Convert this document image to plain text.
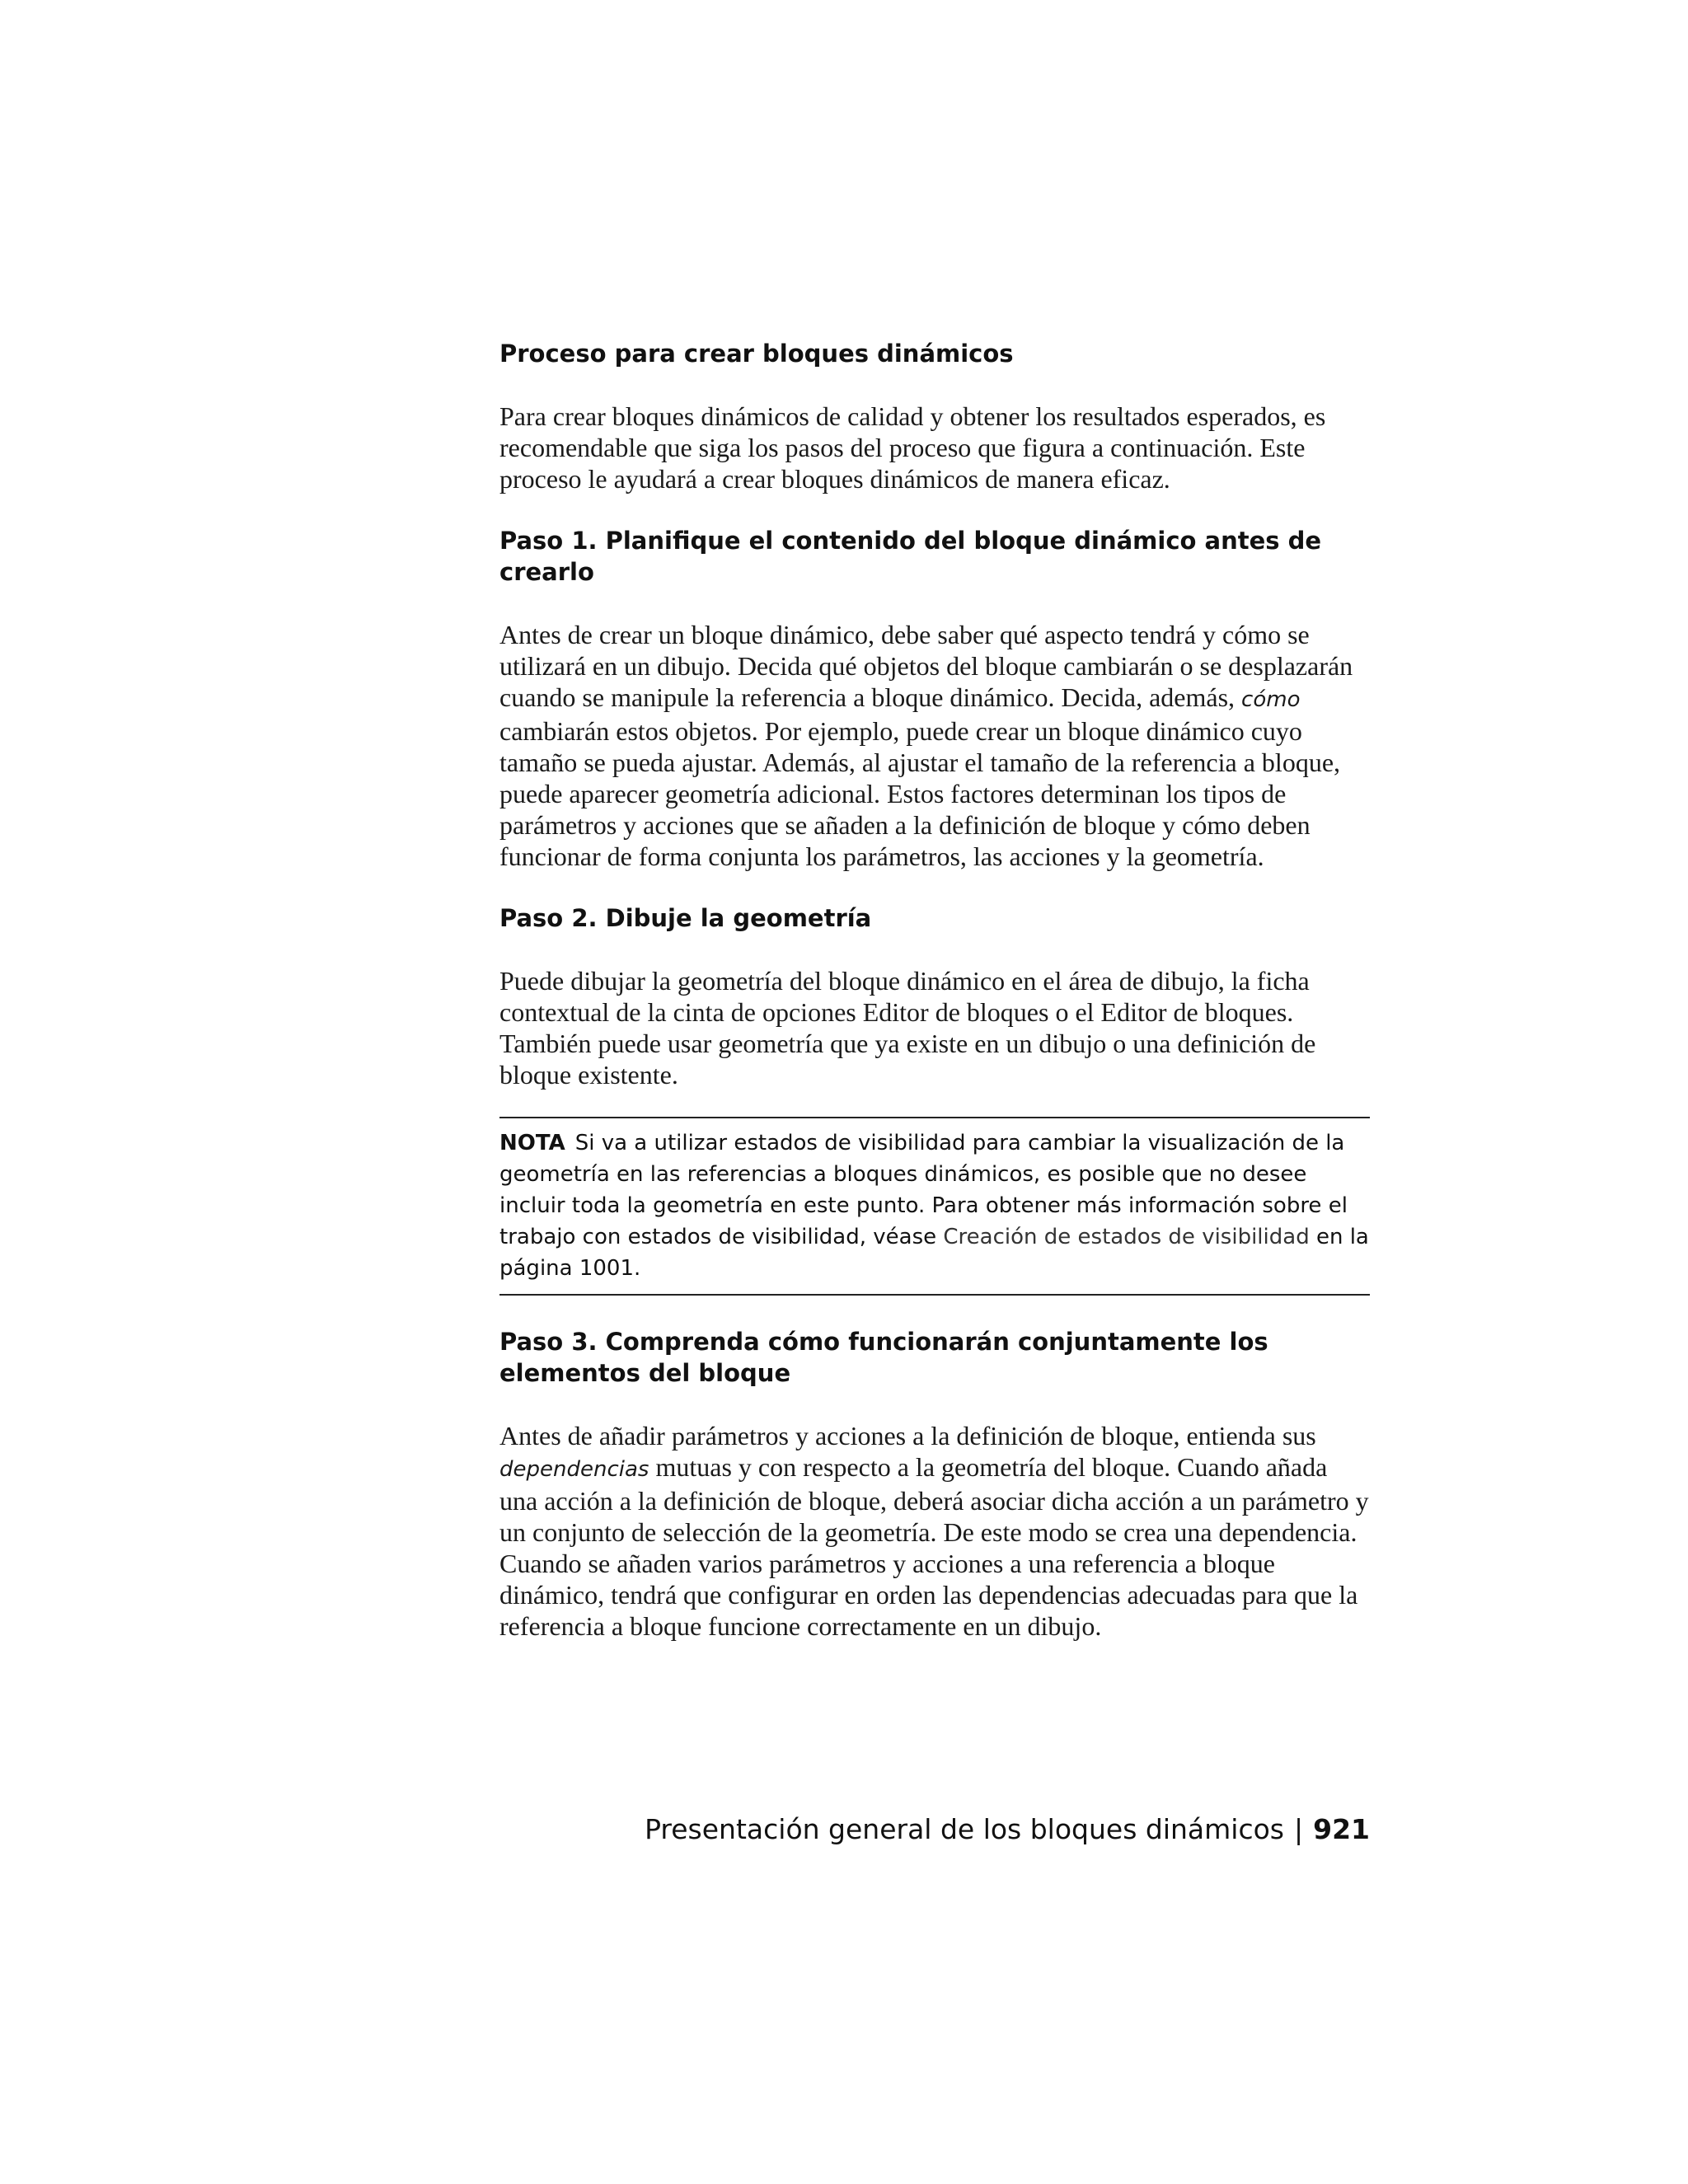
Proceso para crear bloques dinámicos

Para crear bloques dinámicos de calidad y obtener los resultados esperados, es recomendable que siga los pasos del proceso que figura a continuación. Este proceso le ayudará a crear bloques dinámicos de manera eficaz.

Paso 1. Planifique el contenido del bloque dinámico antes de crearlo

Antes de crear un bloque dinámico, debe saber qué aspecto tendrá y cómo se utilizará en un dibujo. Decida qué objetos del bloque cambiarán o se desplazarán cuando se manipule la referencia a bloque dinámico. Decida, además, cómo cambiarán estos objetos. Por ejemplo, puede crear un bloque dinámico cuyo tamaño se pueda ajustar. Además, al ajustar el tamaño de la referencia a bloque, puede aparecer geometría adicional. Estos factores determinan los tipos de parámetros y acciones que se añaden a la definición de bloque y cómo deben funcionar de forma conjunta los parámetros, las acciones y la geometría.

Paso 2. Dibuje la geometría

Puede dibujar la geometría del bloque dinámico en el área de dibujo, la ficha contextual de la cinta de opciones Editor de bloques o el Editor de bloques. También puede usar geometría que ya existe en un dibujo o una definición de bloque existente.

NOTA Si va a utilizar estados de visibilidad para cambiar la visualización de la geometría en las referencias a bloques dinámicos, es posible que no desee incluir toda la geometría en este punto. Para obtener más información sobre el trabajo con estados de visibilidad, véase Creación de estados de visibilidad en la página 1001.
Paso 3. Comprenda cómo funcionarán conjuntamente los elementos del bloque

Antes de añadir parámetros y acciones a la definición de bloque, entienda sus dependencias mutuas y con respecto a la geometría del bloque. Cuando añada una acción a la definición de bloque, deberá asociar dicha acción a un parámetro y un conjunto de selección de la geometría. De este modo se crea una dependencia. Cuando se añaden varios parámetros y acciones a una referencia a bloque dinámico, tendrá que configurar en orden las dependencias adecuadas para que la referencia a bloque funcione correctamente en un dibujo.

Presentación general de los bloques dinámicos | 921
